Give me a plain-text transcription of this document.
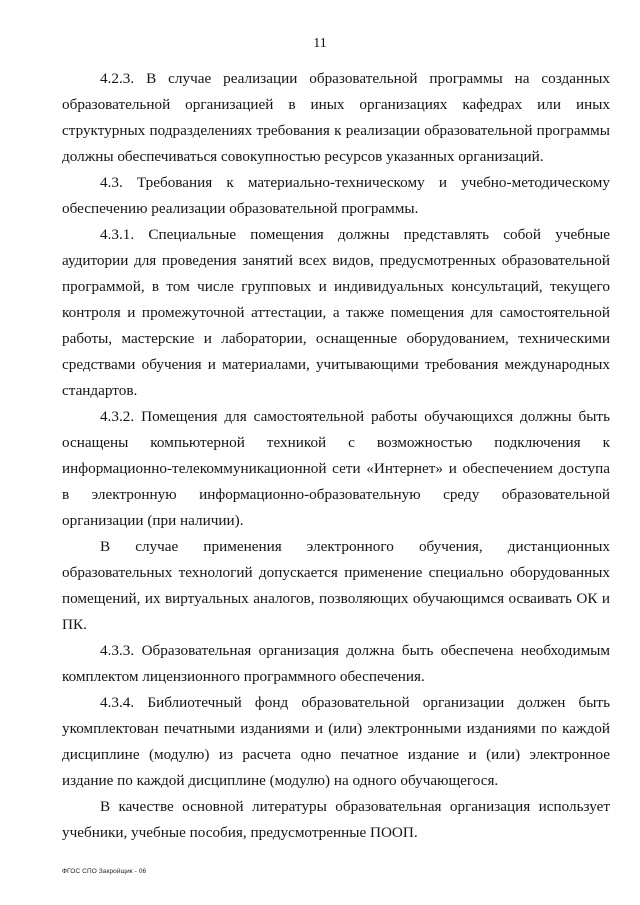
11

4.2.3. В случае реализации образовательной программы на созданных образовательной организацией в иных организациях кафедрах или иных структурных подразделениях требования к реализации образовательной программы должны обеспечиваться совокупностью ресурсов указанных организаций.

4.3. Требования к материально-техническому и учебно-методическому обеспечению реализации образовательной программы.

4.3.1. Специальные помещения должны представлять собой учебные аудитории для проведения занятий всех видов, предусмотренных образовательной программой, в том числе групповых и индивидуальных консультаций, текущего контроля и промежуточной аттестации, а также помещения для самостоятельной работы, мастерские и лаборатории, оснащенные оборудованием, техническими средствами обучения и материалами, учитывающими требования международных стандартов.

4.3.2. Помещения для самостоятельной работы обучающихся должны быть оснащены компьютерной техникой с возможностью подключения к информационно-телекоммуникационной сети «Интернет» и обеспечением доступа в электронную информационно-образовательную среду образовательной организации (при наличии).

В случае применения электронного обучения, дистанционных образовательных технологий допускается применение специально оборудованных помещений, их виртуальных аналогов, позволяющих обучающимся осваивать ОК и ПК.

4.3.3. Образовательная организация должна быть обеспечена необходимым комплектом лицензионного программного обеспечения.

4.3.4. Библиотечный фонд образовательной организации должен быть укомплектован печатными изданиями и (или) электронными изданиями по каждой дисциплине (модулю) из расчета одно печатное издание и (или) электронное издание по каждой дисциплине (модулю) на одного обучающегося.

В качестве основной литературы образовательная организация использует учебники, учебные пособия, предусмотренные ПООП.

ФГОС СПО Закройщик - 06
